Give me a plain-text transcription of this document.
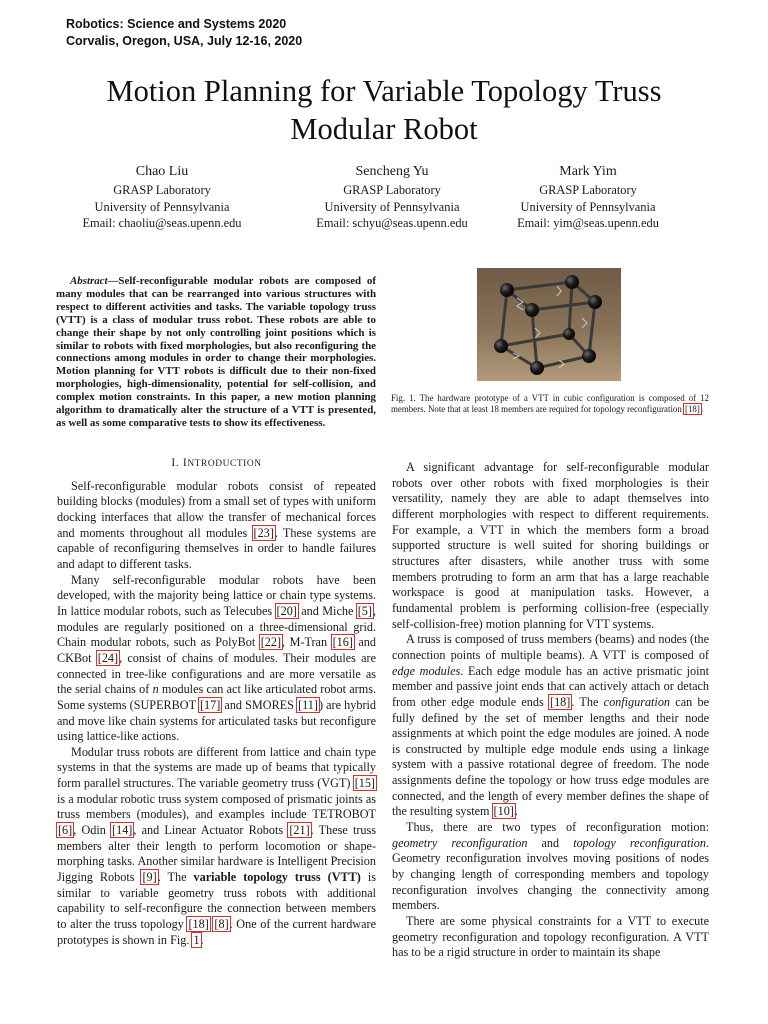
Robotics: Science and Systems 2020
Corvalis, Oregon, USA, July 12-16, 2020
Motion Planning for Variable Topology Truss
Modular Robot
Chao Liu
GRASP Laboratory
University of Pennsylvania
Email: chaoliu@seas.upenn.edu
Sencheng Yu
GRASP Laboratory
University of Pennsylvania
Email: schyu@seas.upenn.edu
Mark Yim
GRASP Laboratory
University of Pennsylvania
Email: yim@seas.upenn.edu

Abstract—Self-reconfigurable modular robots are composed of many modules that can be rearranged into various structures with respect to different activities and tasks. The variable topology truss (VTT) is a class of modular truss robot. These robots are able to change their shape by not only controlling joint positions which is similar to robots with fixed morphologies, but also reconfiguring the connections among modules in order to change their morphologies. Motion planning for VTT robots is difficult due to their non-fixed morphologies, high-dimensionality, potential for self-collision, and complex motion constraints. In this paper, a new motion planning algorithm to dramatically alter the structure of a VTT is presented, as well as some comparative tests to show its effectiveness.

Fig. 1. The hardware prototype of a VTT in cubic configuration is composed of 12 members. Note that at least 18 members are required for topology reconfiguration [18].
I. INTRODUCTION

Self-reconfigurable modular robots consist of repeated building blocks (modules) from a small set of types with uniform docking interfaces that allow the transfer of mechanical forces and moments throughout all modules [23]. These systems are capable of reconfiguring themselves in order to handle failures and adapt to different tasks.

Many self-reconfigurable modular robots have been developed, with the majority being lattice or chain type systems. In lattice modular robots, such as Telecubes [20] and Miche [5], modules are regularly positioned on a three-dimensional grid. Chain modular robots, such as PolyBot [22], M-Tran [16] and CKBot [24], consist of chains of modules. Their modules are connected in tree-like configurations and are more versatile as the serial chains of n modules can act like articulated robot arms. Some systems (SUPERBOT [17] and SMORES [11]) are hybrid and move like chain systems for articulated tasks but reconfigure using lattice-like actions.

Modular truss robots are different from lattice and chain type systems in that the systems are made up of beams that typically form parallel structures. The variable geometry truss (VGT) [15] is a modular robotic truss system composed of prismatic joints as truss members (modules), and examples include TETROBOT [6], Odin [14], and Linear Actuator Robots [21]. These truss members alter their length to perform locomotion or shape-morphing tasks. Another similar hardware is Intelligent Precision Jigging Robots [9]. The variable topology truss (VTT) is similar to variable geometry truss robots with additional capability to self-reconfigure the connection between members to alter the truss topology [18] [8]. One of the current hardware prototypes is shown in Fig. 1.

A significant advantage for self-reconfigurable modular robots over other robots with fixed morphologies is their versatility, namely they are able to adapt themselves into different morphologies with respect to different requirements. For example, a VTT in which the members form a broad supported structure is well suited for shoring buildings or structures after disasters, while another truss with some members protruding to form an arm that has a large reachable workspace is good at manipulation tasks. However, a fundamental problem is performing collision-free (especially self-collision-free) motion planning for VTT systems.

A truss is composed of truss members (beams) and nodes (the connection points of multiple beams). A VTT is composed of edge modules. Each edge module has an active prismatic joint member and passive joint ends that can actively attach or detach from other edge module ends [18]. The configuration can be fully defined by the set of member lengths and their node assignments at which point the edge modules are joined. A node is constructed by multiple edge module ends using a linkage system with a passive rotational degree of freedom. The node assignments define the topology or how truss edge modules are connected, and the length of every member defines the shape of the resulting system [10].

Thus, there are two types of reconfiguration motion: geometry reconfiguration and topology reconfiguration. Geometry reconfiguration involves moving positions of nodes by changing length of corresponding members and topology reconfiguration involves changing the connectivity among members.

There are some physical constraints for a VTT to execute geometry reconfiguration and topology reconfiguration. A VTT has to be a rigid structure in order to maintain its shape
